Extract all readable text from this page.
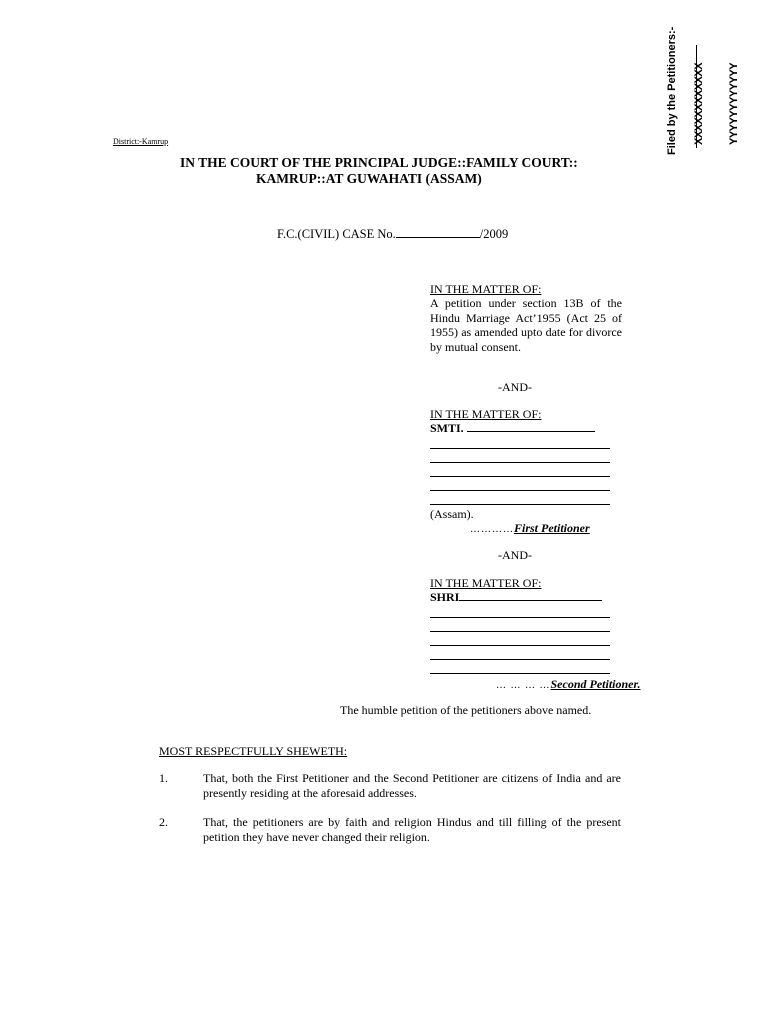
District:-Kamrup
IN THE COURT OF THE PRINCIPAL JUDGE::FAMILY COURT::
KAMRUP::AT GUWAHATI (ASSAM)
F.C.(CIVIL) CASE No.	/2009
IN THE MATTER OF:
A petition under section 13B of the Hindu Marriage Act’1955 (Act 25 of 1955) as amended upto date for divorce by mutual consent.
-AND-
IN THE MATTER OF:
SMTI.
(Assam).
…………First Petitioner
-AND-
IN THE MATTER OF:
SHRI
… … … …Second Petitioner.
The humble petition of the petitioners above named.
MOST RESPECTFULLY SHEWETH:
1.	That, both the First Petitioner and the Second Petitioner are citizens of India and are presently residing at the aforesaid addresses.
2.	That, the petitioners are by faith and religion Hindus and till filling of the present petition they have never changed their religion.
Filed by the Petitioners:- XXXXXXXXXXXX YYYYYYYYYYYY
